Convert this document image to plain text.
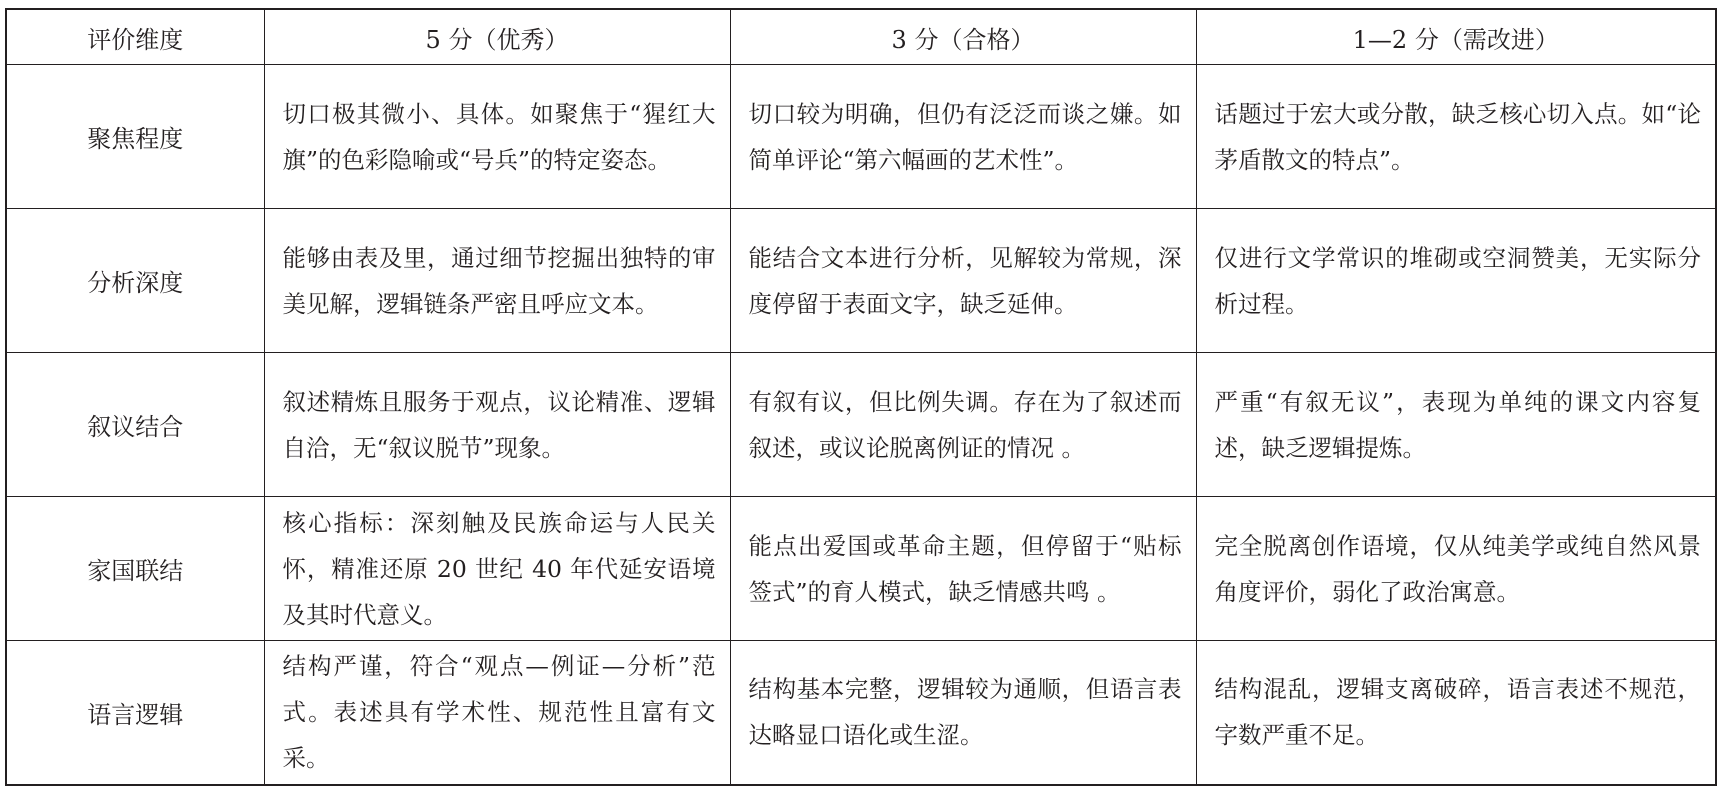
评价维度	5 分（优秀）	3 分（合格）	1—2 分（需改进）
聚焦程度	切口极其微小、具体。如聚焦于“猩红大旗”的色彩隐喻或“号兵”的特定姿态。	切口较为明确，但仍有泛泛而谈之嫌。如简单评论“第六幅画的艺术性”。	话题过于宏大或分散，缺乏核心切入点。如“论茅盾散文的特点”。
分析深度	能够由表及里，通过细节挖掘出独特的审美见解，逻辑链条严密且呼应文本。	能结合文本进行分析，见解较为常规，深度停留于表面文字，缺乏延伸。	仅进行文学常识的堆砌或空洞赞美，无实际分析过程。
叙议结合	叙述精炼且服务于观点，议论精准、逻辑自洽，无“叙议脱节”现象。	有叙有议，但比例失调。存在为了叙述而叙述，或议论脱离例证的情况 。	严重“有叙无议”，表现为单纯的课文内容复述，缺乏逻辑提炼。
家国联结	核心指标：深刻触及民族命运与人民关怀，精准还原 20 世纪 40 年代延安语境及其时代意义。	能点出爱国或革命主题，但停留于“贴标签式”的育人模式，缺乏情感共鸣 。	完全脱离创作语境，仅从纯美学或纯自然风景角度评价，弱化了政治寓意。
语言逻辑	结构严谨，符合“观点—例证—分析”范式。表述具有学术性、规范性且富有文采。	结构基本完整，逻辑较为通顺，但语言表达略显口语化或生涩。	结构混乱，逻辑支离破碎，语言表述不规范，字数严重不足。
